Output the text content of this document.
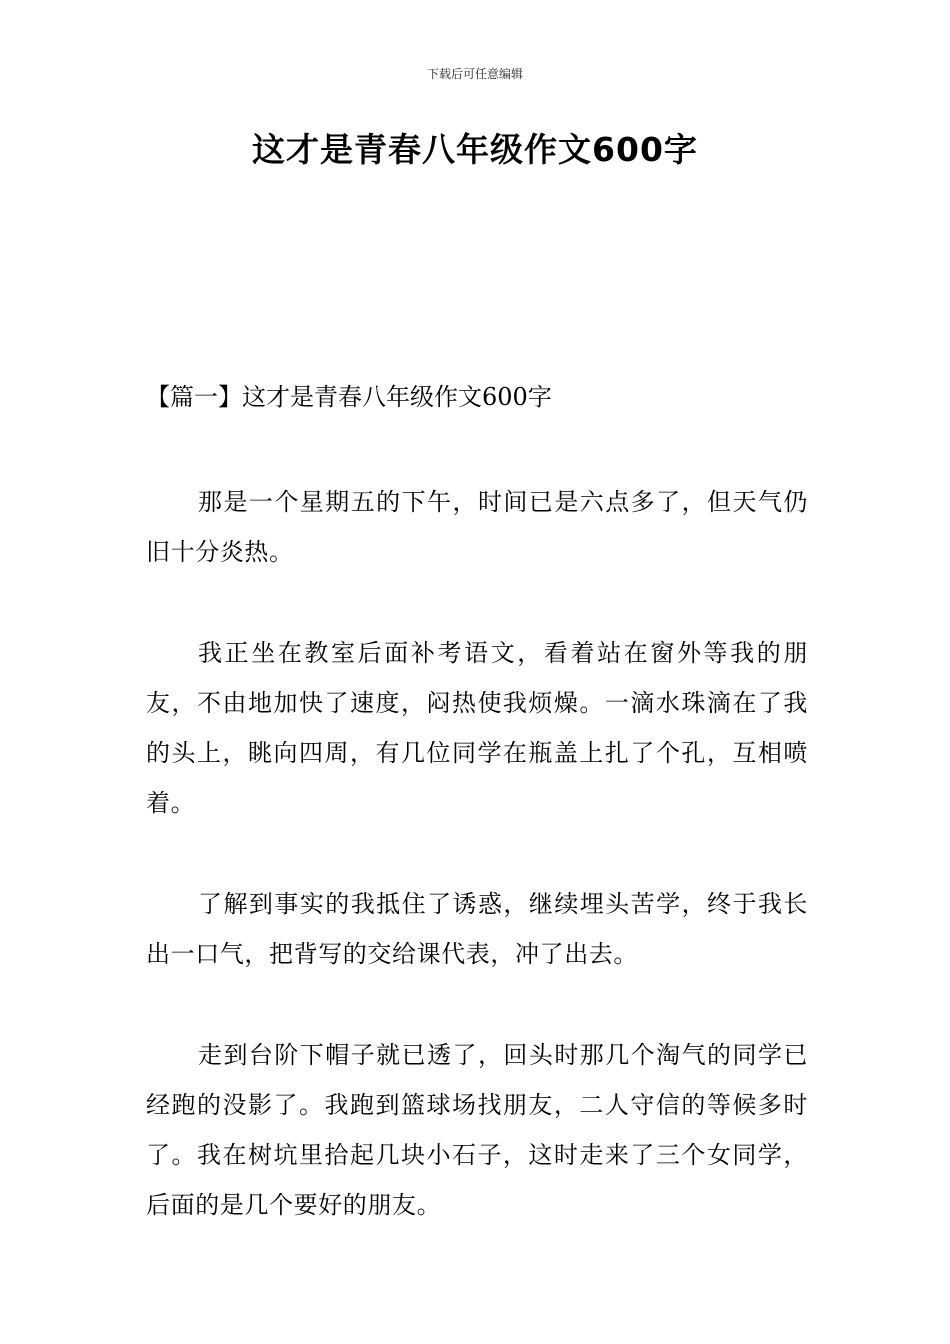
下载后可任意编辑
这才是青春八年级作文600字
【篇一】这才是青春八年级作文600字

那是一个星期五的下午，时间已是六点多了，但天气仍旧十分炎热。

我正坐在教室后面补考语文，看着站在窗外等我的朋友，不由地加快了速度，闷热使我烦燥。一滴水珠滴在了我的头上，眺向四周，有几位同学在瓶盖上扎了个孔，互相喷着。

了解到事实的我抵住了诱惑，继续埋头苦学，终于我长出一口气，把背写的交给课代表，冲了出去。

走到台阶下帽子就已透了，回头时那几个淘气的同学已经跑的没影了。我跑到篮球场找朋友，二人守信的等候多时了。我在树坑里拾起几块小石子，这时走来了三个女同学，后面的是几个要好的朋友。
